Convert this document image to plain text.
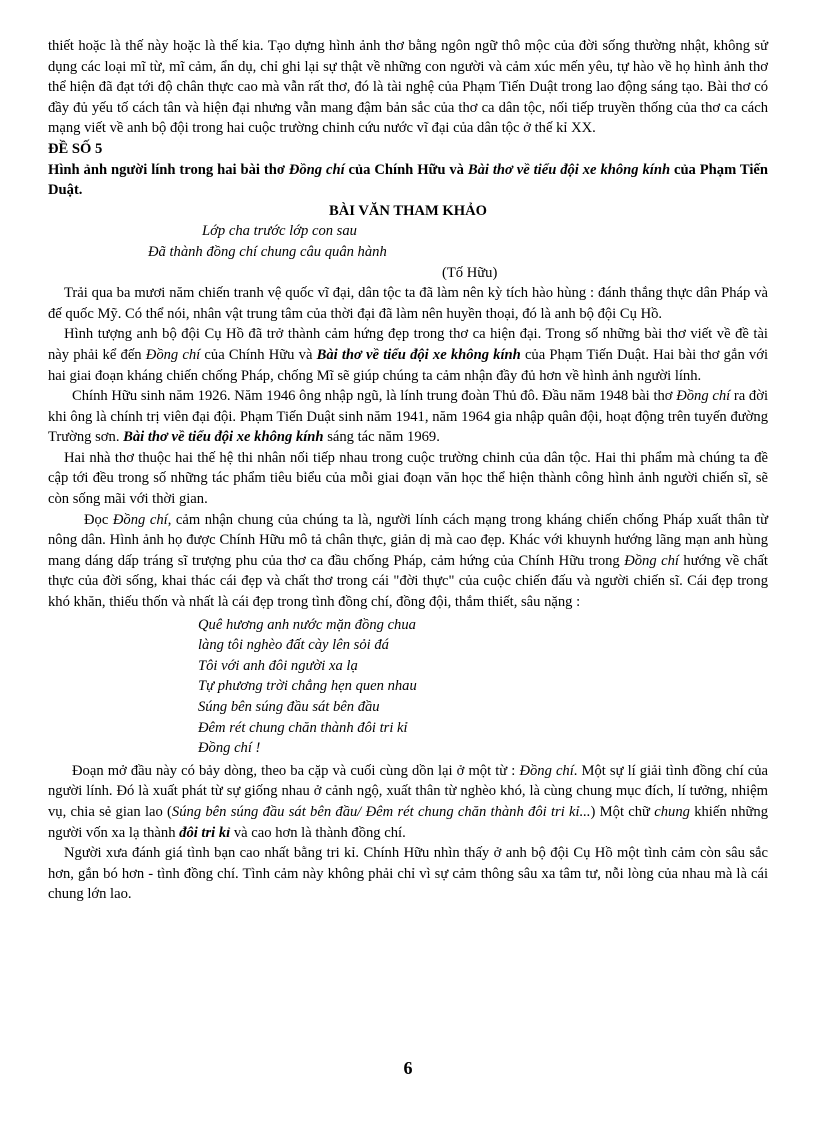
thiết hoặc là thế này hoặc là thế kia. Tạo dựng hình ảnh thơ bằng ngôn ngữ thô mộc của đời sống thường nhật, không sử dụng các loại mĩ từ, mĩ cảm, ẩn dụ, chỉ ghi lại sự thật về những con người và cảm xúc mến yêu, tự hào về họ hình ảnh thơ thể hiện đã đạt tới độ chân thực cao mà vẫn rất thơ, đó là tài nghệ của Phạm Tiến Duật trong lao động sáng tạo. Bài thơ có đầy đủ yếu tố cách tân và hiện đại nhưng vẫn mang đậm bản sắc của thơ ca dân tộc, nối tiếp truyền thống của thơ ca cách mạng viết về anh bộ đội trong hai cuộc trường chinh cứu nước vĩ đại của dân tộc ở thế kỉ XX.

ĐỀ SỐ 5

Hình ảnh người lính trong hai bài thơ Đồng chí của Chính Hữu và Bài thơ về tiểu đội xe không kính của Phạm Tiến Duật.

BÀI VĂN THAM KHẢO

Lớp cha trước lớp con sau
Đã thành đồng chí chung câu quân hành
(Tố Hữu)

Trải qua ba mươi năm chiến tranh vệ quốc vĩ đại, dân tộc ta đã làm nên kỳ tích hào hùng : đánh thắng thực dân Pháp và đế quốc Mỹ. Có thể nói, nhân vật trung tâm của thời đại đã làm nên huyền thoại, đó là anh bộ đội Cụ Hồ.

Hình tượng anh bộ đội Cụ Hồ đã trở thành cảm hứng đẹp trong thơ ca hiện đại. Trong số những bài thơ viết về đề tài này phải kể đến Đồng chí của Chính Hữu và Bài thơ về tiểu đội xe không kính của Phạm Tiến Duật. Hai bài thơ gắn với hai giai đoạn kháng chiến chống Pháp, chống Mĩ sẽ giúp chúng ta cảm nhận đầy đủ hơn về hình ảnh người lính.

Chính Hữu sinh năm 1926. Năm 1946 ông nhập ngũ, là lính trung đoàn Thủ đô. Đầu năm 1948 bài thơ Đồng chí ra đời khi ông là chính trị viên đại đội. Phạm Tiến Duật sinh năm 1941, năm 1964 gia nhập quân đội, hoạt động trên tuyến đường Trường sơn. Bài thơ về tiểu đội xe không kính sáng tác năm 1969.

Hai nhà thơ thuộc hai thế hệ thi nhân nối tiếp nhau trong cuộc trường chinh của dân tộc. Hai thi phẩm mà chúng ta đề cập tới đều trong số những tác phẩm tiêu biểu của mỗi giai đoạn văn học thể hiện thành công hình ảnh người chiến sĩ, sẽ còn sống mãi với thời gian.

Đọc Đồng chí, cảm nhận chung của chúng ta là, người lính cách mạng trong kháng chiến chống Pháp xuất thân từ nông dân. Hình ảnh họ được Chính Hữu mô tả chân thực, giản dị mà cao đẹp. Khác với khuynh hướng lãng mạn anh hùng mang dáng dấp tráng sĩ trượng phu của thơ ca đầu chống Pháp, cảm hứng của Chính Hữu trong Đồng chí hướng về chất thực của đời sống, khai thác cái đẹp và chất thơ trong cái "đời thực" của cuộc chiến đấu và người chiến sĩ. Cái đẹp trong khó khăn, thiếu thốn và nhất là cái đẹp trong tình đồng chí, đồng đội, thắm thiết, sâu nặng :

Quê hương anh nước mặn đồng chua
làng tôi nghèo đất cày lên sỏi đá
Tôi với anh đôi người xa lạ
Tự phương trời chẳng hẹn quen nhau
Súng bên súng đầu sát bên đầu
Đêm rét chung chăn thành đôi tri kỉ
Đồng chí !

Đoạn mở đầu này có bảy dòng, theo ba cặp và cuối cùng dồn lại ở một từ : Đồng chí. Một sự lí giải tình đồng chí của người lính. Đó là xuất phát từ sự giống nhau ở cảnh ngộ, xuất thân từ nghèo khó, là cùng chung mục đích, lí tưởng, nhiệm vụ, chia sẻ gian lao (Súng bên súng đầu sát bên đầu/ Đêm rét chung chăn thành đôi tri kỉ...) Một chữ chung khiến những người vốn xa lạ thành đôi tri kỉ và cao hơn là thành đồng chí.

Người xưa đánh giá tình bạn cao nhất bằng tri kỉ. Chính Hữu nhìn thấy ở anh bộ đội Cụ Hồ một tình cảm còn sâu sắc hơn, gắn bó hơn - tình đồng chí. Tình cảm này không phải chỉ vì sự cảm thông sâu xa tâm tư, nỗi lòng của nhau mà là cái chung lớn lao.

6
